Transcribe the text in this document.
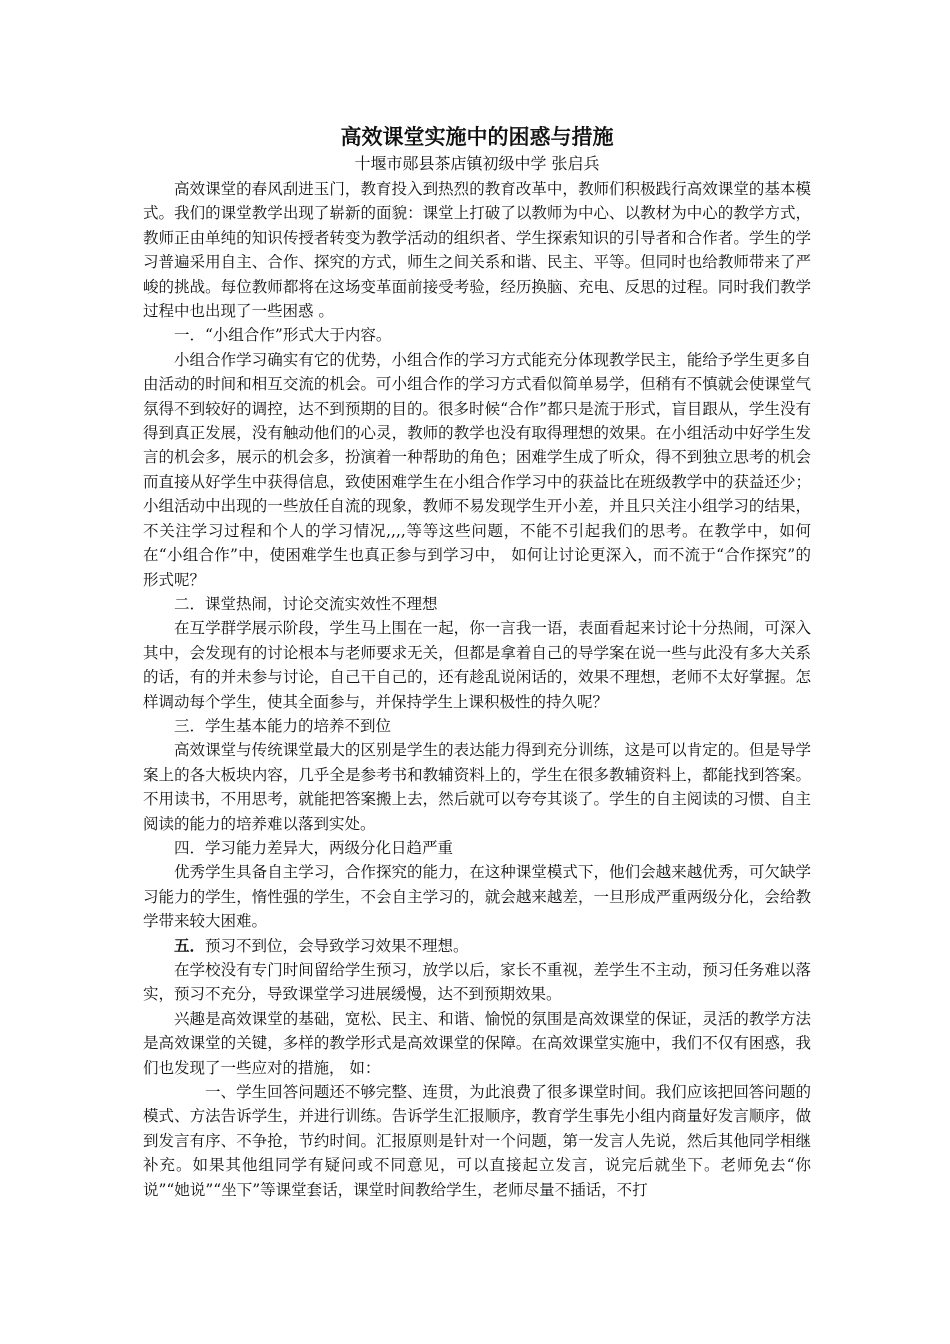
高效课堂实施中的困惑与措施

十堰市郧县茶店镇初级中学 张启兵

高效课堂的春风刮进玉门，教育投入到热烈的教育改革中，教师们积极践行高效课堂的基本模式。我们的课堂教学出现了崭新的面貌：课堂上打破了以教师为中心、以教材为中心的教学方式，教师正由单纯的知识传授者转变为教学活动的组织者、学生探索知识的引导者和合作者。学生的学习普遍采用自主、合作、探究的方式，师生之间关系和谐、民主、平等。但同时也给教师带来了严峻的挑战。每位教师都将在这场变革面前接受考验，经历换脑、充电、反思的过程。同时我们教学过程中也出现了一些困惑 。

一．“小组合作”形式大于内容。

小组合作学习确实有它的优势，小组合作的学习方式能充分体现教学民主，能给予学生更多自由活动的时间和相互交流的机会。可小组合作的学习方式看似简单易学，但稍有不慎就会使课堂气氛得不到较好的调控，达不到预期的目的。很多时候“合作”都只是流于形式，盲目跟从，学生没有得到真正发展，没有触动他们的心灵，教师的教学也没有取得理想的效果。在小组活动中好学生发言的机会多，展示的机会多，扮演着一种帮助的角色；困难学生成了听众，得不到独立思考的机会而直接从好学生中获得信息，致使困难学生在小组合作学习中的获益比在班级教学中的获益还少；小组活动中出现的一些放任自流的现象，教师不易发现学生开小差，并且只关注小组学习的结果，不关注学习过程和个人的学习情况,,,,等等这些问题，不能不引起我们的思考。在教学中，如何在“小组合作”中，使困难学生也真正参与到学习中， 如何让讨论更深入，而不流于“合作探究”的形式呢？

二．课堂热闹，讨论交流实效性不理想

在互学群学展示阶段，学生马上围在一起，你一言我一语，表面看起来讨论十分热闹，可深入其中，会发现有的讨论根本与老师要求无关，但都是拿着自己的导学案在说一些与此没有多大关系的话，有的并未参与讨论，自己干自己的，还有趁乱说闲话的，效果不理想，老师不太好掌握。怎样调动每个学生，使其全面参与，并保持学生上课积极性的持久呢？

三．学生基本能力的培养不到位

高效课堂与传统课堂最大的区别是学生的表达能力得到充分训练，这是可以肯定的。但是导学案上的各大板块内容，几乎全是参考书和教辅资料上的，学生在很多教辅资料上，都能找到答案。不用读书，不用思考，就能把答案搬上去，然后就可以夸夸其谈了。学生的自主阅读的习惯、自主阅读的能力的培养难以落到实处。

四．学习能力差异大，两级分化日趋严重

优秀学生具备自主学习，合作探究的能力，在这种课堂模式下，他们会越来越优秀，可欠缺学习能力的学生，惰性强的学生，不会自主学习的，就会越来越差，一旦形成严重两级分化，会给教学带来较大困难。

五．预习不到位，会导致学习效果不理想。

在学校没有专门时间留给学生预习，放学以后，家长不重视，差学生不主动，预习任务难以落实，预习不充分，导致课堂学习进展缓慢，达不到预期效果。

兴趣是高效课堂的基础，宽松、民主、和谐、愉悦的氛围是高效课堂的保证，灵活的教学方法是高效课堂的关键，多样的教学形式是高效课堂的保障。在高效课堂实施中，我们不仅有困惑，我们也发现了一些应对的措施， 如：

一、学生回答问题还不够完整、连贯，为此浪费了很多课堂时间。我们应该把回答问题的模式、方法告诉学生，并进行训练。告诉学生汇报顺序，教育学生事先小组内商量好发言顺序，做到发言有序、不争抢，节约时间。汇报原则是针对一个问题，第一发言人先说，然后其他同学相继补充。如果其他组同学有疑问或不同意见，可以直接起立发言，说完后就坐下。老师免去“你说”“她说”“坐下”等课堂套话，课堂时间教给学生，老师尽量不插话，不打
